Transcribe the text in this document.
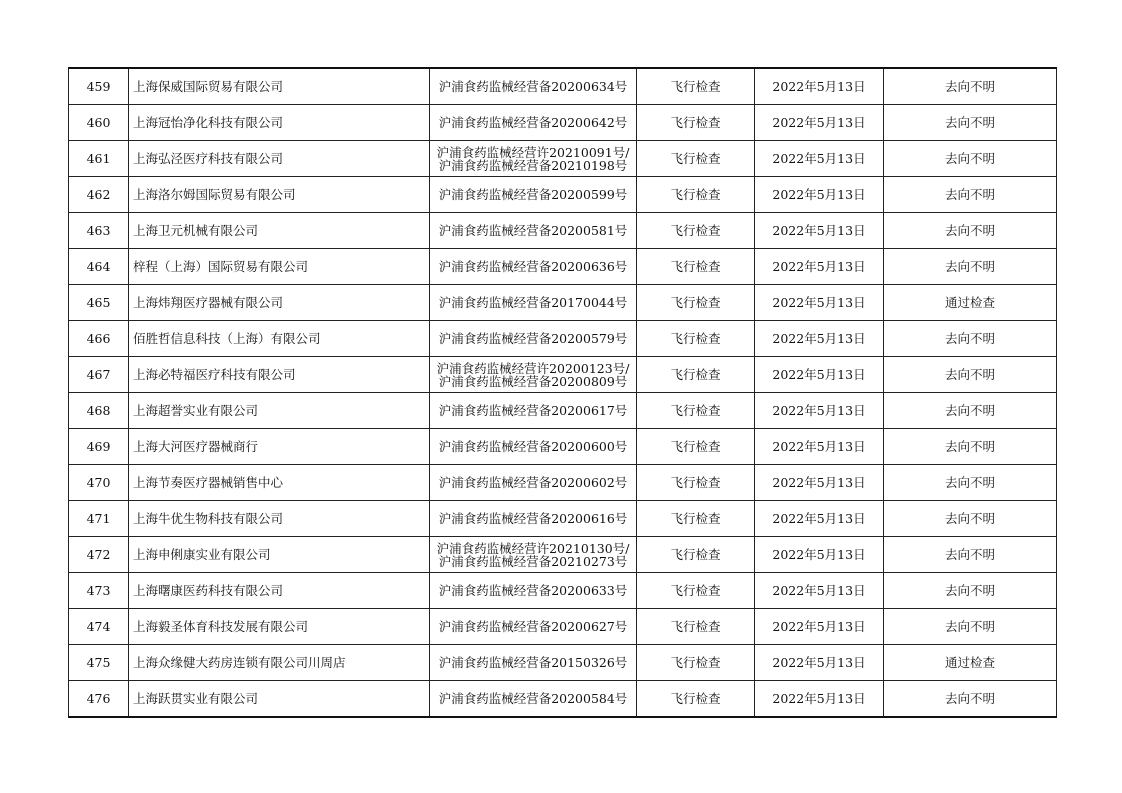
459	上海保威国际贸易有限公司	沪浦食药监械经营备20200634号	飞行检查	2022年5月13日	去向不明
460	上海冠怡净化科技有限公司	沪浦食药监械经营备20200642号	飞行检查	2022年5月13日	去向不明
461	上海弘泾医疗科技有限公司	沪浦食药监械经营许20210091号/
沪浦食药监械经营备20210198号	飞行检查	2022年5月13日	去向不明
462	上海洛尔姆国际贸易有限公司	沪浦食药监械经营备20200599号	飞行检查	2022年5月13日	去向不明
463	上海卫元机械有限公司	沪浦食药监械经营备20200581号	飞行检查	2022年5月13日	去向不明
464	梓程（上海）国际贸易有限公司	沪浦食药监械经营备20200636号	飞行检查	2022年5月13日	去向不明
465	上海炜翔医疗器械有限公司	沪浦食药监械经营备20170044号	飞行检查	2022年5月13日	通过检查
466	佰胜哲信息科技（上海）有限公司	沪浦食药监械经营备20200579号	飞行检查	2022年5月13日	去向不明
467	上海必特福医疗科技有限公司	沪浦食药监械经营许20200123号/
沪浦食药监械经营备20200809号	飞行检查	2022年5月13日	去向不明
468	上海超誉实业有限公司	沪浦食药监械经营备20200617号	飞行检查	2022年5月13日	去向不明
469	上海大河医疗器械商行	沪浦食药监械经营备20200600号	飞行检查	2022年5月13日	去向不明
470	上海节奏医疗器械销售中心	沪浦食药监械经营备20200602号	飞行检查	2022年5月13日	去向不明
471	上海牛优生物科技有限公司	沪浦食药监械经营备20200616号	飞行检查	2022年5月13日	去向不明
472	上海申俐康实业有限公司	沪浦食药监械经营许20210130号/
沪浦食药监械经营备20210273号	飞行检查	2022年5月13日	去向不明
473	上海曙康医药科技有限公司	沪浦食药监械经营备20200633号	飞行检查	2022年5月13日	去向不明
474	上海毅圣体育科技发展有限公司	沪浦食药监械经营备20200627号	飞行检查	2022年5月13日	去向不明
475	上海众缘健大药房连锁有限公司川周店	沪浦食药监械经营备20150326号	飞行检查	2022年5月13日	通过检查
476	上海跃贯实业有限公司	沪浦食药监械经营备20200584号	飞行检查	2022年5月13日	去向不明
